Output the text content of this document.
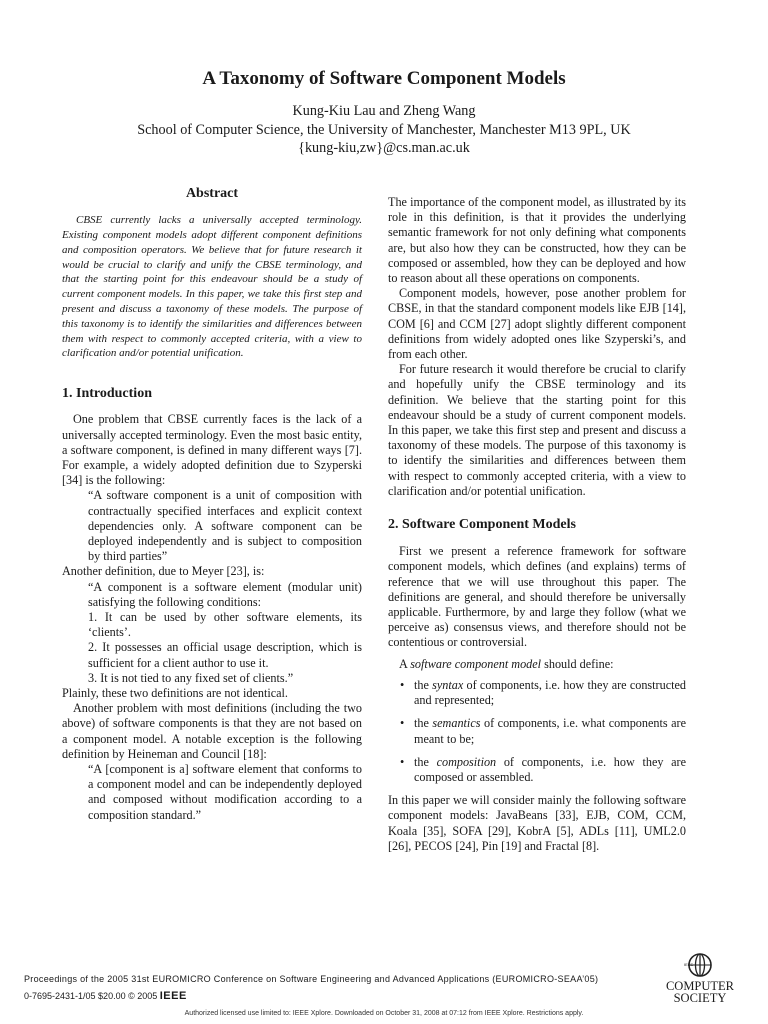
A Taxonomy of Software Component Models
Kung-Kiu Lau and Zheng Wang
School of Computer Science, the University of Manchester, Manchester M13 9PL, UK
{kung-kiu,zw}@cs.man.ac.uk
Abstract

CBSE currently lacks a universally accepted terminology. Existing component models adopt different component definitions and composition operators. We believe that for future research it would be crucial to clarify and unify the CBSE terminology, and that the starting point for this endeavour should be a study of current component models. In this paper, we take this first step and present and discuss a taxonomy of these models. The purpose of this taxonomy is to identify the similarities and differences between them with respect to commonly accepted criteria, with a view to clarification and/or potential unification.

1. Introduction

One problem that CBSE currently faces is the lack of a universally accepted terminology. Even the most basic entity, a software component, is defined in many different ways [7]. For example, a widely adopted definition due to Szyperski [34] is the following:

“A software component is a unit of composition with contractually specified interfaces and explicit context dependencies only. A software component can be deployed independently and is subject to composition by third parties”

Another definition, due to Meyer [23], is:

“A component is a software element (modular unit) satisfying the following conditions:

1. It can be used by other software elements, its ‘clients’.

2. It possesses an official usage description, which is sufficient for a client author to use it.

3. It is not tied to any fixed set of clients.”

Plainly, these two definitions are not identical.

Another problem with most definitions (including the two above) of software components is that they are not based on a component model. A notable exception is the following definition by Heineman and Council [18]:

“A [component is a] software element that conforms to a component model and can be independently deployed and composed without modification according to a composition standard.”

The importance of the component model, as illustrated by its role in this definition, is that it provides the underlying semantic framework for not only defining what components are, but also how they can be constructed, how they can be composed or assembled, how they can be deployed and how to reason about all these operations on components.

Component models, however, pose another problem for CBSE, in that the standard component models like EJB [14], COM [6] and CCM [27] adopt slightly different component definitions from widely adopted ones like Szyperski’s, and from each other.

For future research it would therefore be crucial to clarify and hopefully unify the CBSE terminology and its definition. We believe that the starting point for this endeavour should be a study of current component models. In this paper, we take this first step and present and discuss a taxonomy of these models. The purpose of this taxonomy is to identify the similarities and differences between them with respect to commonly accepted criteria, with a view to clarification and/or potential unification.

2. Software Component Models

First we present a reference framework for software component models, which defines (and explains) terms of reference that we will use throughout this paper. The definitions are general, and should therefore be universally applicable. Furthermore, by and large they follow (what we perceive as) consensus views, and therefore should not be contentious or controversial.

A software component model should define:

• the syntax of components, i.e. how they are constructed and represented;
• the semantics of components, i.e. what components are meant to be;
• the composition of components, i.e. how they are composed or assembled.

In this paper we will consider mainly the following software component models: JavaBeans [33], EJB, COM, CCM, Koala [35], SOFA [29], KobrA [5], ADLs [11], UML2.0 [26], PECOS [24], Pin [19] and Fractal [8].

Proceedings of the 2005 31st EUROMICRO Conference on Software Engineering and Advanced Applications (EUROMICRO-SEAA’05)
0-7695-2431-1/05 $20.00 © 2005 IEEE
Authorized licensed use limited to: IEEE Xplore. Downloaded on October 31, 2008 at 07:12 from IEEE Xplore. Restrictions apply.
IEEE
COMPUTER
SOCIETY
